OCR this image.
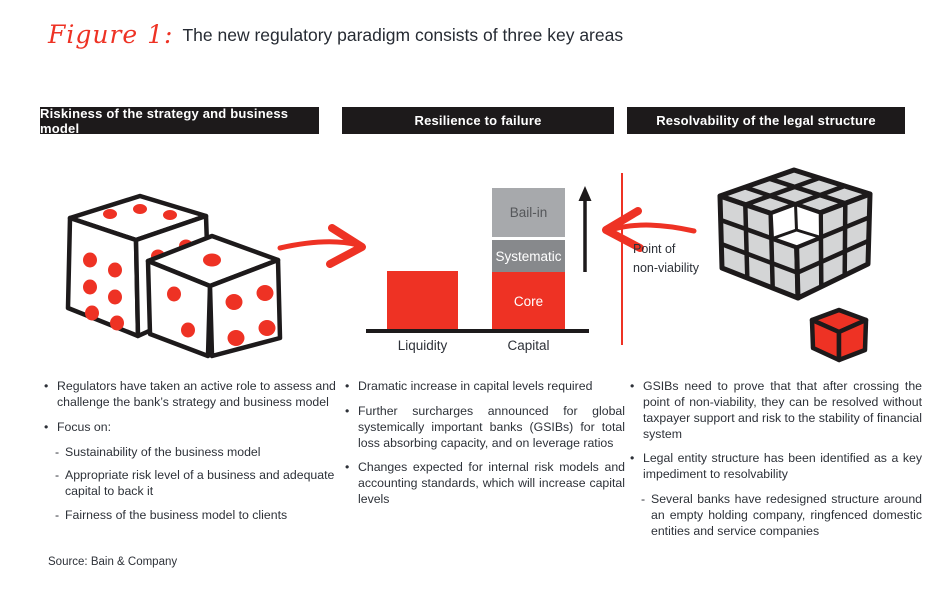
Figure 1: The new regulatory paradigm consists of three key areas
Riskiness of the strategy and business model	Resilience to failure	Resolvability of the legal structure
Bail-in
Systematic
Core
Liquidity	Capital
Point of
non-viability
• Regulators have taken an active role to assess and challenge the bank’s strategy and business model
• Focus on:
- Sustainability of the business model
- Appropriate risk level of a business and adequate capital to back it
- Fairness of the business model to clients
• Dramatic increase in capital levels required
• Further surcharges announced for global systemically important banks (GSIBs) for total loss absorbing capacity, and on leverage ratios
• Changes expected for internal risk models and accounting standards, which will increase capital levels
• GSIBs need to prove that that after crossing the point of non-viability, they can be resolved without taxpayer support and risk to the stability of financial system
• Legal entity structure has been identified as a key impediment to resolvability
- Several banks have redesigned structure around an empty holding company, ringfenced domestic entities and service companies
Source: Bain & Company
